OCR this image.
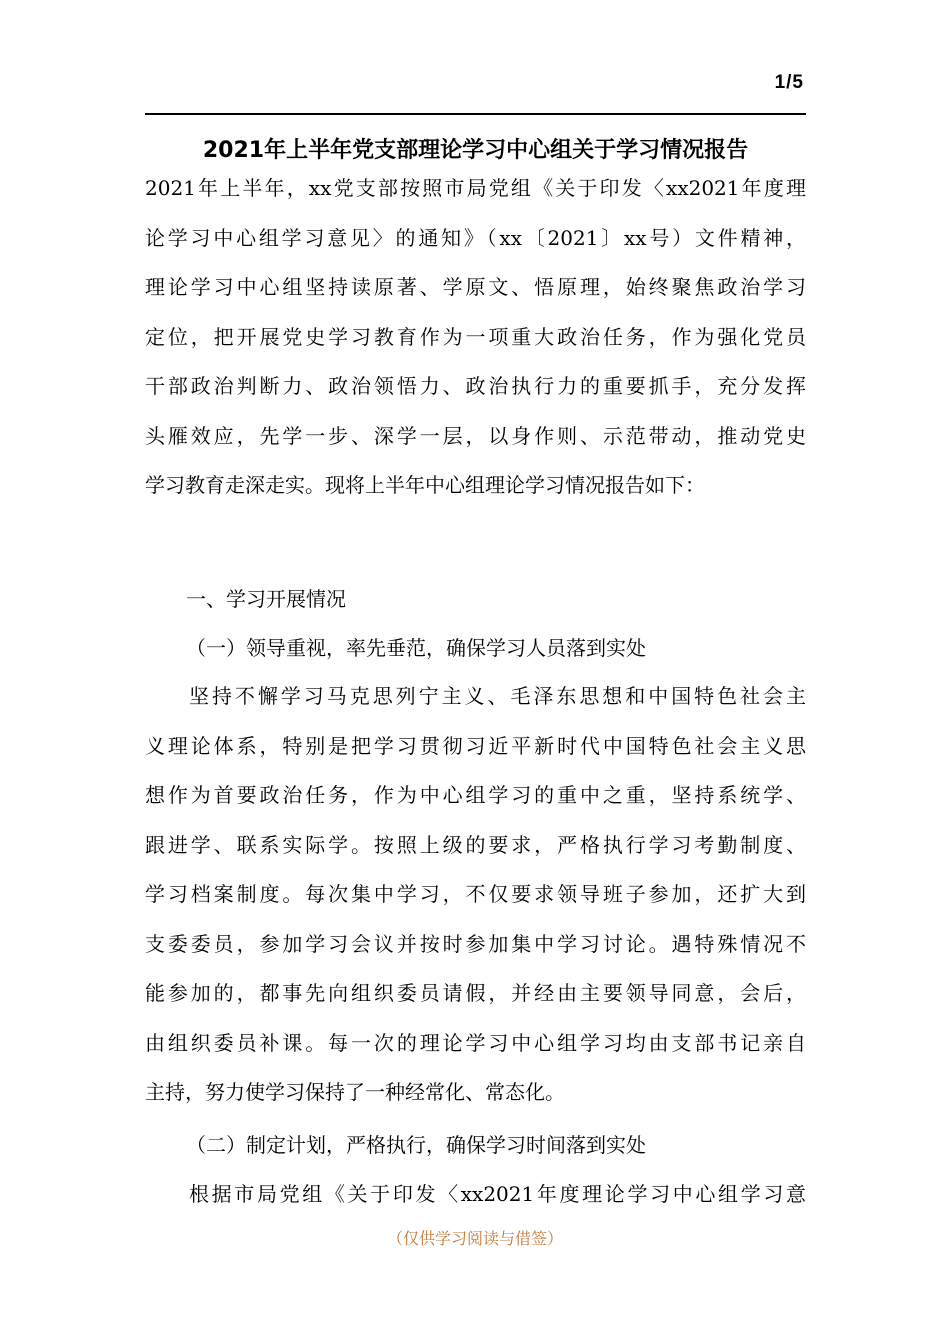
1/5
2021年上半年党支部理论学习中心组关于学习情况报告
2021年上半年，xx党支部按照市局党组《关于印发〈xx2021年度理
论学习中心组学习意见〉的通知》（xx〔2021〕xx号）文件精神，
理论学习中心组坚持读原著、学原文、悟原理，始终聚焦政治学习
定位，把开展党史学习教育作为一项重大政治任务，作为强化党员
干部政治判断力、政治领悟力、政治执行力的重要抓手，充分发挥
头雁效应，先学一步、深学一层，以身作则、示范带动，推动党史
学习教育走深走实。现将上半年中心组理论学习情况报告如下：
一、学习开展情况
（一）领导重视，率先垂范，确保学习人员落到实处
坚持不懈学习马克思列宁主义、毛泽东思想和中国特色社会主
义理论体系，特别是把学习贯彻习近平新时代中国特色社会主义思
想作为首要政治任务，作为中心组学习的重中之重，坚持系统学、
跟进学、联系实际学。按照上级的要求，严格执行学习考勤制度、
学习档案制度。每次集中学习，不仅要求领导班子参加，还扩大到
支委委员，参加学习会议并按时参加集中学习讨论。遇特殊情况不
能参加的，都事先向组织委员请假，并经由主要领导同意，会后，
由组织委员补课。每一次的理论学习中心组学习均由支部书记亲自
主持，努力使学习保持了一种经常化、常态化。
（二）制定计划，严格执行，确保学习时间落到实处
根据市局党组《关于印发〈xx2021年度理论学习中心组学习意
（仅供学习阅读与借签）
